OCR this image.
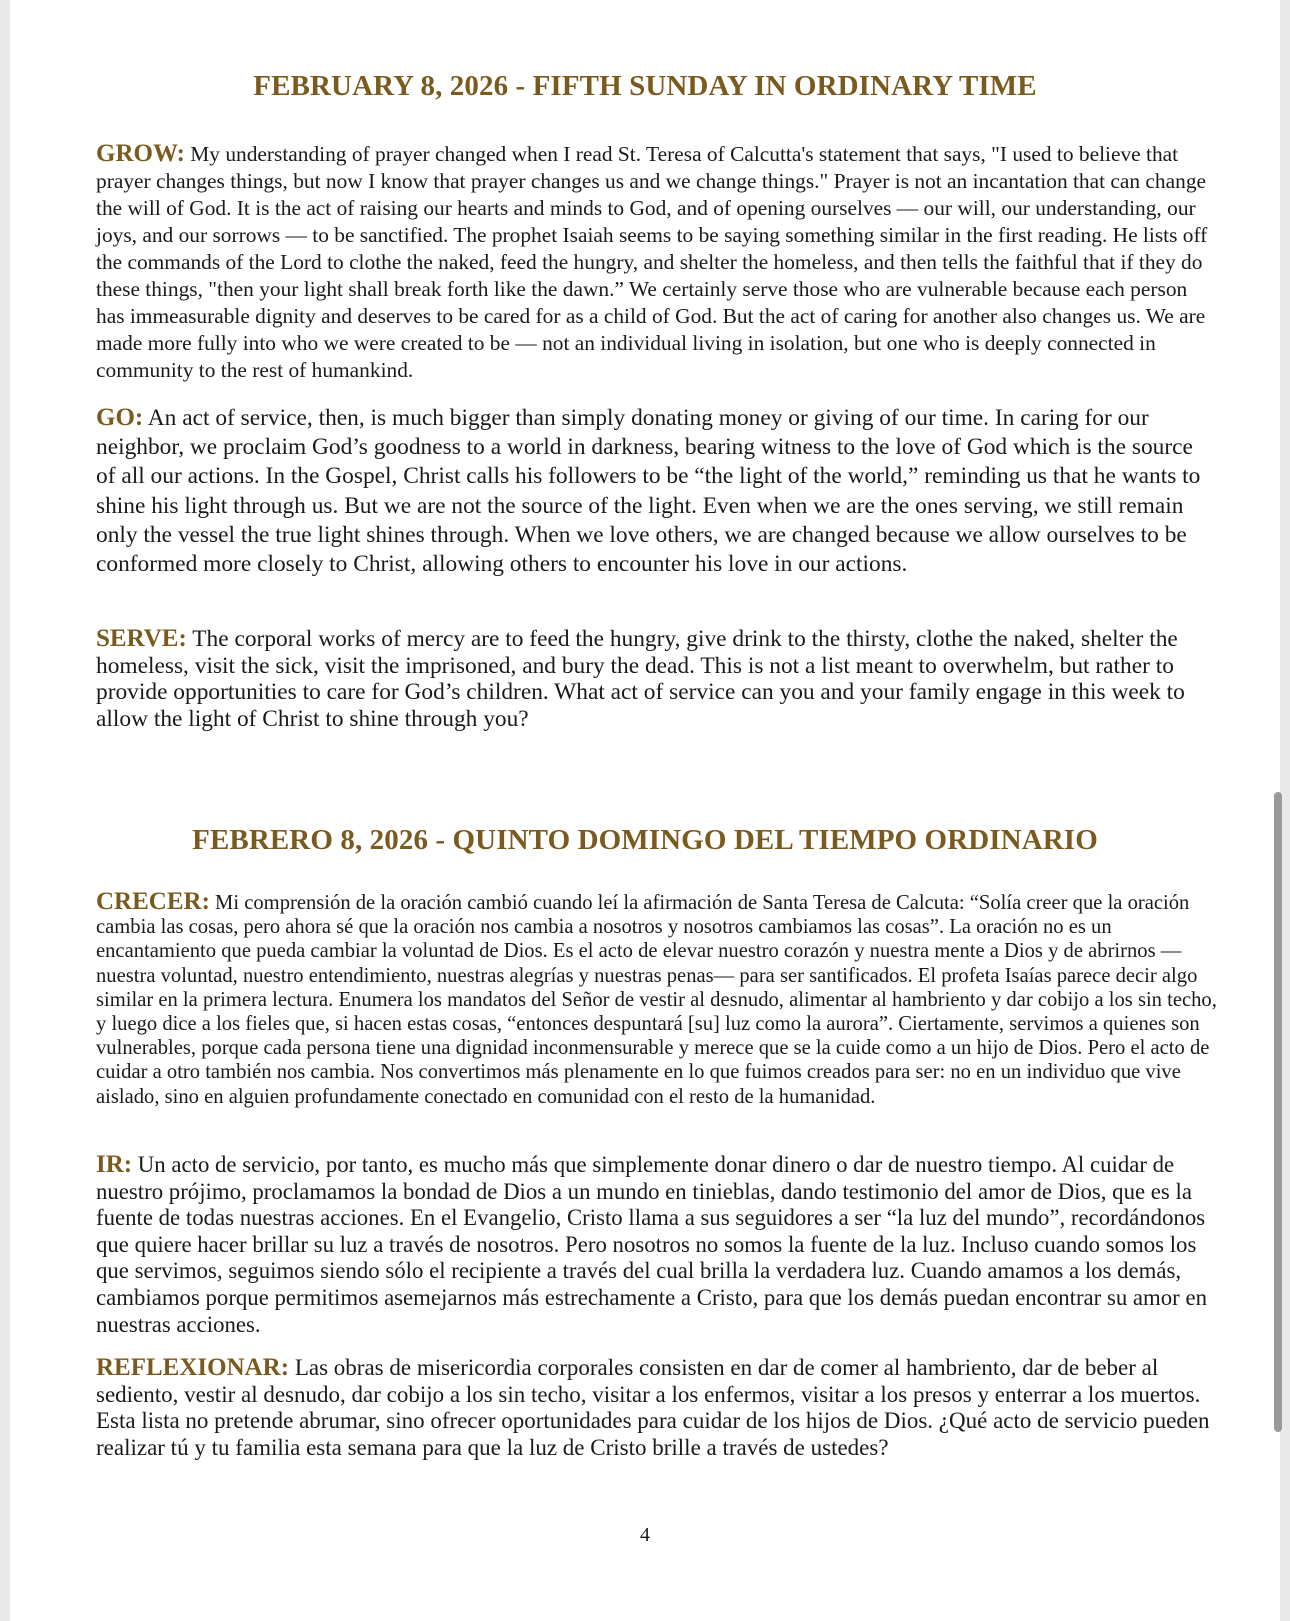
FEBRUARY 8, 2026 - FIFTH SUNDAY IN ORDINARY TIME

GROW: My understanding of prayer changed when I read St. Teresa of Calcutta's statement that says, "I used to believe that prayer changes things, but now I know that prayer changes us and we change things." Prayer is not an incantation that can change the will of God. It is the act of raising our hearts and minds to God, and of opening ourselves — our will, our understanding, our joys, and our sorrows — to be sanctified. The prophet Isaiah seems to be saying something similar in the first reading. He lists off the commands of the Lord to clothe the naked, feed the hungry, and shelter the homeless, and then tells the faithful that if they do these things, "then your light shall break forth like the dawn.” We certainly serve those who are vulnerable because each person has immeasurable dignity and deserves to be cared for as a child of God. But the act of caring for another also changes us. We are made more fully into who we were created to be — not an individual living in isolation, but one who is deeply connected in community to the rest of humankind.

GO: An act of service, then, is much bigger than simply donating money or giving of our time. In caring for our neighbor, we proclaim God’s goodness to a world in darkness, bearing witness to the love of God which is the source of all our actions. In the Gospel, Christ calls his followers to be “the light of the world,” reminding us that he wants to shine his light through us. But we are not the source of the light. Even when we are the ones serving, we still remain only the vessel the true light shines through. When we love others, we are changed because we allow ourselves to be conformed more closely to Christ, allowing others to encounter his love in our actions.

SERVE: The corporal works of mercy are to feed the hungry, give drink to the thirsty, clothe the naked, shelter the homeless, visit the sick, visit the imprisoned, and bury the dead. This is not a list meant to overwhelm, but rather to provide opportunities to care for God’s children. What act of service can you and your family engage in this week to allow the light of Christ to shine through you?

FEBRERO 8, 2026 - QUINTO DOMINGO DEL TIEMPO ORDINARIO

CRECER: Mi comprensión de la oración cambió cuando leí la afirmación de Santa Teresa de Calcuta: “Solía creer que la oración cambia las cosas, pero ahora sé que la oración nos cambia a nosotros y nosotros cambiamos las cosas”. La oración no es un encantamiento que pueda cambiar la voluntad de Dios. Es el acto de elevar nuestro corazón y nuestra mente a Dios y de abrirnos —nuestra voluntad, nuestro entendimiento, nuestras alegrías y nuestras penas— para ser santificados. El profeta Isaías parece decir algo similar en la primera lectura. Enumera los mandatos del Señor de vestir al desnudo, alimentar al hambriento y dar cobijo a los sin techo, y luego dice a los fieles que, si hacen estas cosas, “entonces despuntará [su] luz como la aurora”. Ciertamente, servimos a quienes son vulnerables, porque cada persona tiene una dignidad inconmensurable y merece que se la cuide como a un hijo de Dios. Pero el acto de cuidar a otro también nos cambia. Nos convertimos más plenamente en lo que fuimos creados para ser: no en un individuo que vive aislado, sino en alguien profundamente conectado en comunidad con el resto de la humanidad.

IR: Un acto de servicio, por tanto, es mucho más que simplemente donar dinero o dar de nuestro tiempo. Al cuidar de nuestro prójimo, proclamamos la bondad de Dios a un mundo en tinieblas, dando testimonio del amor de Dios, que es la fuente de todas nuestras acciones. En el Evangelio, Cristo llama a sus seguidores a ser “la luz del mundo”, recordándonos que quiere hacer brillar su luz a través de nosotros. Pero nosotros no somos la fuente de la luz. Incluso cuando somos los que servimos, seguimos siendo sólo el recipiente a través del cual brilla la verdadera luz. Cuando amamos a los demás, cambiamos porque permitimos asemejarnos más estrechamente a Cristo, para que los demás puedan encontrar su amor en nuestras acciones.

REFLEXIONAR: Las obras de misericordia corporales consisten en dar de comer al hambriento, dar de beber al sediento, vestir al desnudo, dar cobijo a los sin techo, visitar a los enfermos, visitar a los presos y enterrar a los muertos. Esta lista no pretende abrumar, sino ofrecer oportunidades para cuidar de los hijos de Dios. ¿Qué acto de servicio pueden realizar tú y tu familia esta semana para que la luz de Cristo brille a través de ustedes?

4
